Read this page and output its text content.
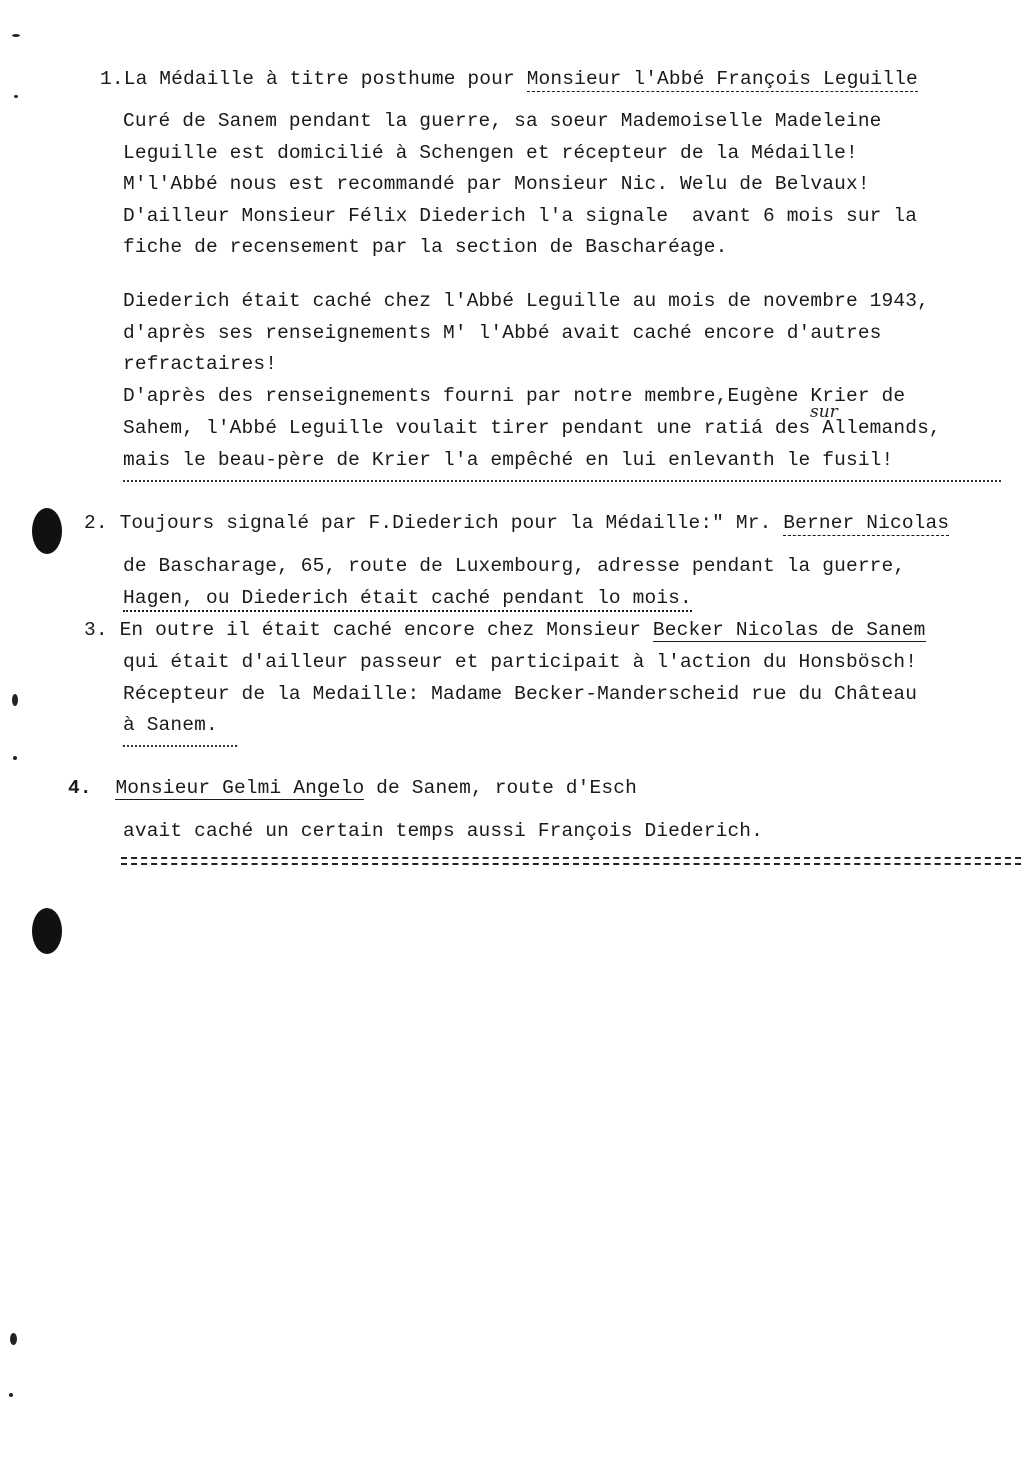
1.La Médaille à titre posthume pour Monsieur l'Abbé François Leguille
Curé de Sanem pendant la guerre, sa soeur Mademoiselle Madeleine
Leguille est domicilié à Schengen et récepteur de la Médaille!
M'l'Abbé nous est recommandé par Monsieur Nic. Welu de Belvaux!
D'ailleur Monsieur Félix Diederich l'a signale  avant 6 mois sur la
fiche de recensement par la section de Bascharéage.
Diederich était caché chez l'Abbé Leguille au mois de novembre 1943,
d'après ses renseignements M' l'Abbé avait caché encore d'autres
refractaires!
D'après des renseignements fourni par notre membre,Eugène Krier de
sur
Sahem, l'Abbé Leguille voulait tirer pendant une ratiá des Allemands,
mais le beau-père de Krier l'a empêché en lui enlevanth le fusil!
2. Toujours signalé par F.Diederich pour la Médaille:" Mr. Berner Nicolas
de Bascharage, 65, route de Luxembourg, adresse pendant la guerre,
Hagen, ou Diederich était caché pendant lo mois.
3. En outre il était caché encore chez Monsieur Becker Nicolas de Sanem
qui était d'ailleur passeur et participait à l'action du Honsbösch!
Récepteur de la Medaille: Madame Becker-Manderscheid rue du Château
à Sanem.
4. Monsieur Gelmi Angelo de Sanem, route d'Esch
avait caché un certain temps aussi François Diederich.
